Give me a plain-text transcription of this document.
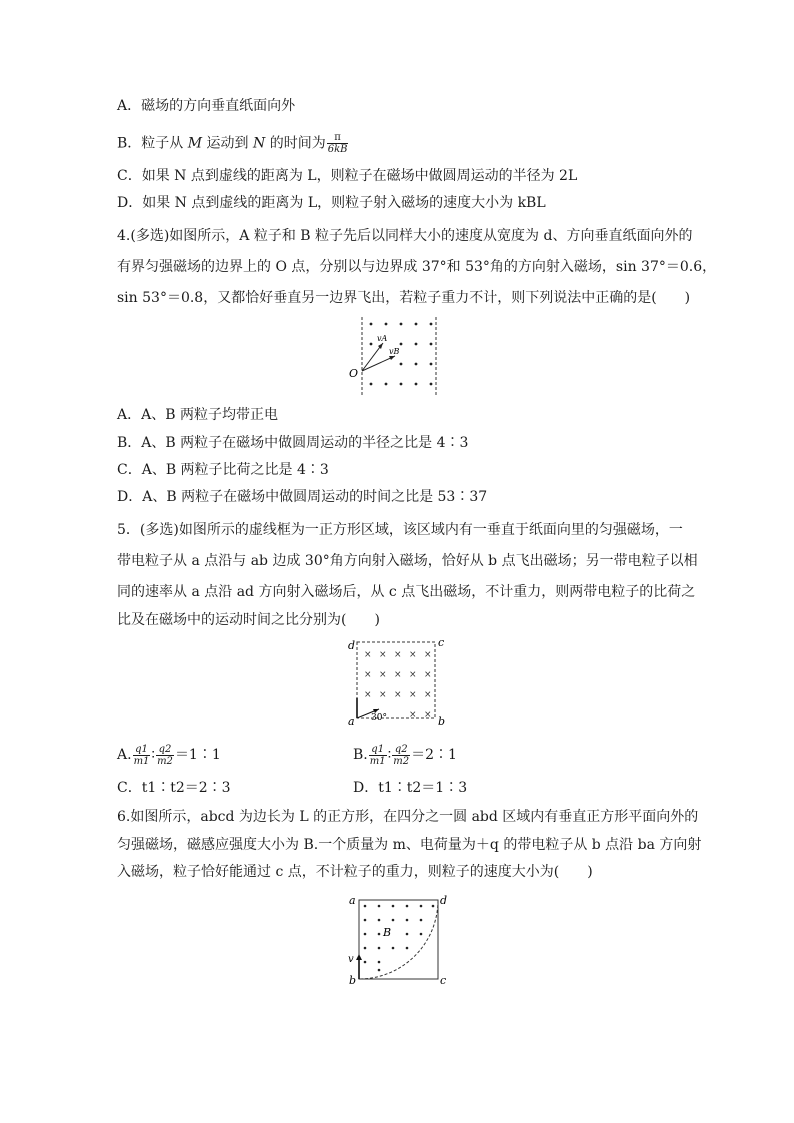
A．磁场的方向垂直纸面向外
B．粒子从 M 运动到 N 的时间为 $\frac{\pi}{6kB}$
C．如果 N 点到虚线的距离为 L，则粒子在磁场中做圆周运动的半径为 2L
D．如果 N 点到虚线的距离为 L，则粒子射入磁场的速度大小为 kBL
4.(多选)如图所示，A 粒子和 B 粒子先后以同样大小的速度从宽度为 d、方向垂直纸面向外的
有界匀强磁场的边界上的 O 点，分别以与边界成 37°和 53°角的方向射入磁场，sin 37°＝0.6，
sin 53°＝0.8，又都恰好垂直另一边界飞出，若粒子重力不计，则下列说法中正确的是(　　)
O
vA
vB
A．A、B 两粒子均带正电
B．A、B 两粒子在磁场中做圆周运动的半径之比是 4∶3
C．A、B 两粒子比荷之比是 4∶3
D．A、B 两粒子在磁场中做圆周运动的时间之比是 53∶37
5．(多选)如图所示的虚线框为一正方形区域，该区域内有一垂直于纸面向里的匀强磁场，一
带电粒子从 a 点沿与 ab 边成 30°角方向射入磁场，恰好从 b 点飞出磁场；另一带电粒子以相
同的速率从 a 点沿 ad 方向射入磁场后，从 c 点飞出磁场，不计重力，则两带电粒子的比荷之
比及在磁场中的运动时间之比分别为(　　)
× × × × ×
× × × × ×
× × × × ×
× ×
30°
d	c
a	b
A. $\frac{q1}{m1}$ ∶ $\frac{q2}{m2}$ ＝1∶1	B. $\frac{q1}{m1}$ ∶ $\frac{q2}{m2}$ ＝2∶1
C．t1∶t2＝2∶3	D．t1∶t2＝1∶3
6.如图所示，abcd 为边长为 L 的正方形，在四分之一圆 abd 区域内有垂直正方形平面向外的
匀强磁场，磁感应强度大小为 B.一个质量为 m、电荷量为＋q 的带电粒子从 b 点沿 ba 方向射
入磁场，粒子恰好能通过 c 点，不计粒子的重力，则粒子的速度大小为(　　)
B
v
a	d
b	c
